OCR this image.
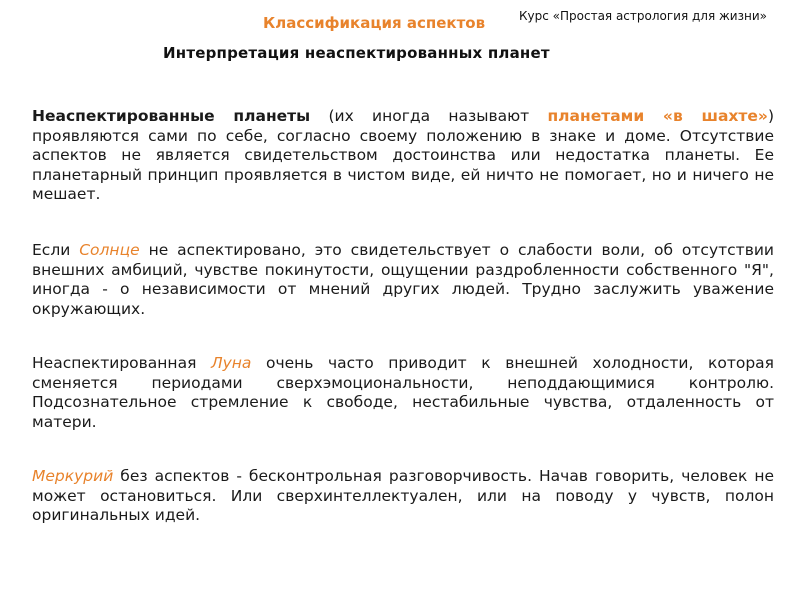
Классификация аспектов	Курс «Простая астрология для жизни»
Интерпретация неаспектированных планет
Неаспектированные планеты (их иногда называют планетами «в шахте») проявляются сами по себе, согласно своему положению в знаке и доме. Отсутствие аспектов не является свидетельством достоинства или недостатка планеты. Ее планетарный принцип проявляется в чистом виде, ей ничто не помогает, но и ничего не мешает.
Если Солнце не аспектировано, это свидетельствует о слабости воли, об отсутствии внешних амбиций, чувстве покинутости, ощущении раздробленности собственного "Я", иногда - о независимости от мнений других людей. Трудно заслужить уважение окружающих.
Неаспектированная Луна очень часто приводит к внешней холодности, которая сменяется периодами сверхэмоциональности, неподдающимися контролю. Подсознательное стремление к свободе, нестабильные чувства, отдаленность от матери.
Меркурий без аспектов - бесконтрольная разговорчивость. Начав говорить, человек не может остановиться. Или сверхинтеллектуален, или на поводу у чувств, полон оригинальных идей.
